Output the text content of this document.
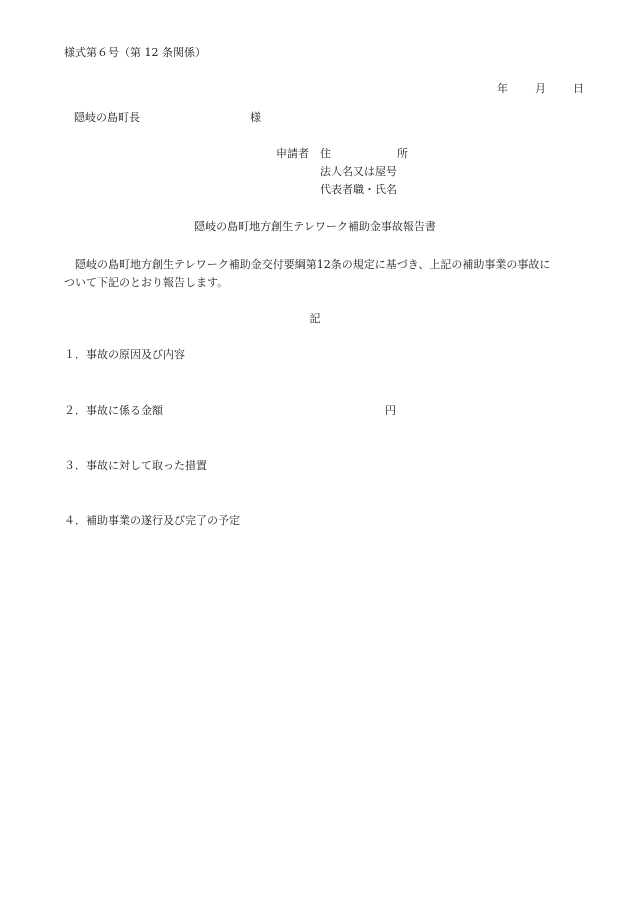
様式第６号（第 12 条関係）
年 月 日
隠岐の島町長	様
申請者 住　　　　　　所
法人名又は屋号
代表者職・氏名
隠岐の島町地方創生テレワーク補助金事故報告書
隠岐の島町地方創生テレワーク補助金交付要綱第12条の規定に基づき、上記の補助事業の事故に
ついて下記のとおり報告します。
記
１．事故の原因及び内容
２．事故に係る金額	円
３．事故に対して取った措置
４．補助事業の遂行及び完了の予定
